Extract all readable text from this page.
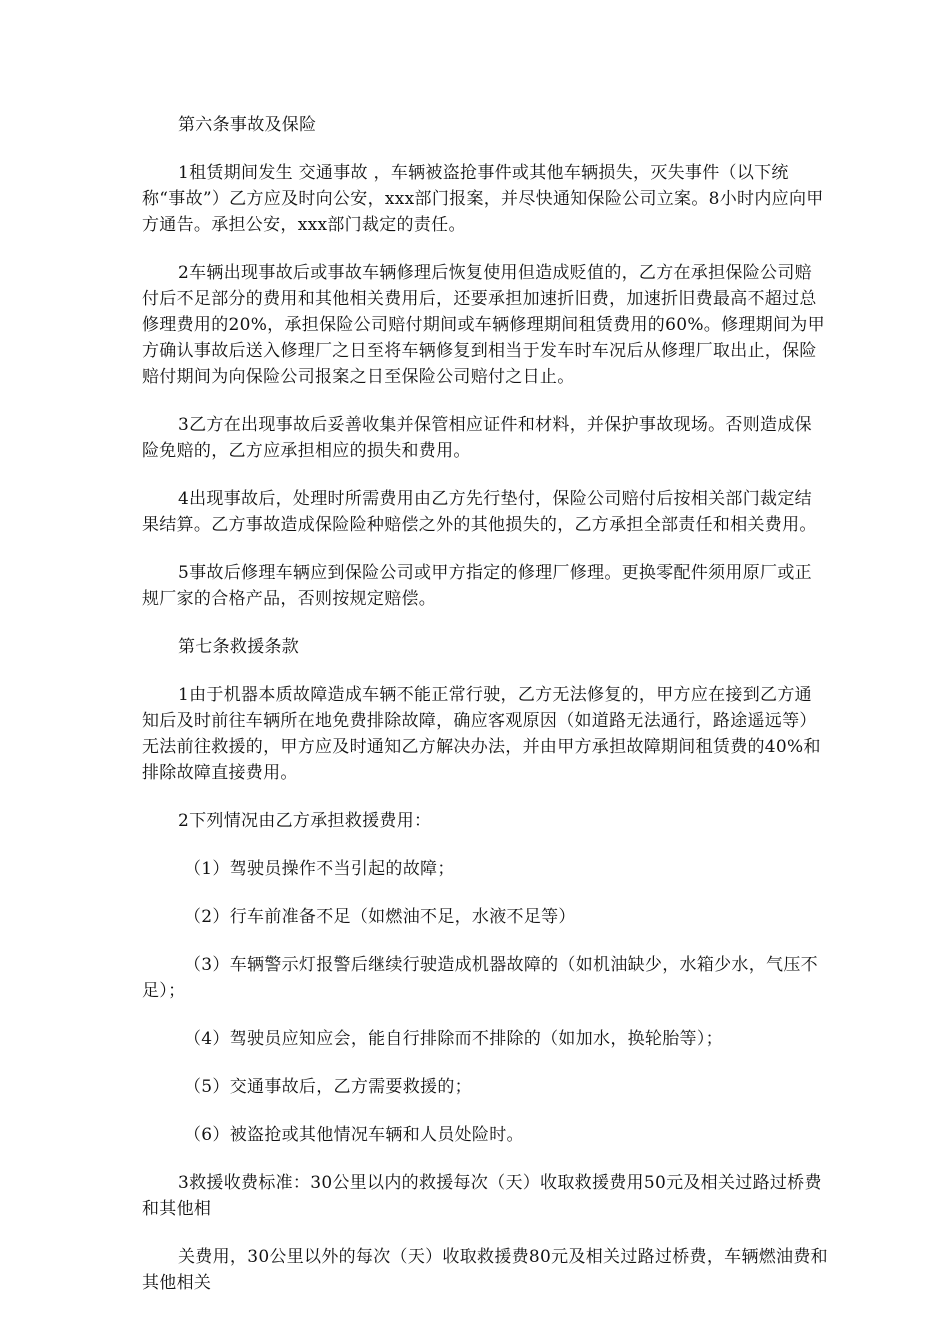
第六条事故及保险

1租赁期间发生 交通事故 ，车辆被盗抢事件或其他车辆损失，灭失事件（以下统称“事故”）乙方应及时向公安，xxx部门报案，并尽快通知保险公司立案。8小时内应向甲方通告。承担公安，xxx部门裁定的责任。

2车辆出现事故后或事故车辆修理后恢复使用但造成贬值的，乙方在承担保险公司赔付后不足部分的费用和其他相关费用后，还要承担加速折旧费，加速折旧费最高不超过总修理费用的20%，承担保险公司赔付期间或车辆修理期间租赁费用的60%。修理期间为甲方确认事故后送入修理厂之日至将车辆修复到相当于发车时车况后从修理厂取出止，保险赔付期间为向保险公司报案之日至保险公司赔付之日止。

3乙方在出现事故后妥善收集并保管相应证件和材料，并保护事故现场。否则造成保险免赔的，乙方应承担相应的损失和费用。

4出现事故后，处理时所需费用由乙方先行垫付，保险公司赔付后按相关部门裁定结果结算。乙方事故造成保险险种赔偿之外的其他损失的，乙方承担全部责任和相关费用。

5事故后修理车辆应到保险公司或甲方指定的修理厂修理。更换零配件须用原厂或正规厂家的合格产品，否则按规定赔偿。

第七条救援条款

1由于机器本质故障造成车辆不能正常行驶，乙方无法修复的，甲方应在接到乙方通知后及时前往车辆所在地免费排除故障，确应客观原因（如道路无法通行，路途遥远等）无法前往救援的，甲方应及时通知乙方解决办法，并由甲方承担故障期间租赁费的40%和排除故障直接费用。

2下列情况由乙方承担救援费用：

（1）驾驶员操作不当引起的故障；

（2）行车前准备不足（如燃油不足，水液不足等）

（3）车辆警示灯报警后继续行驶造成机器故障的（如机油缺少，水箱少水，气压不足）；

（4）驾驶员应知应会，能自行排除而不排除的（如加水，换轮胎等）；

（5）交通事故后，乙方需要救援的；

（6）被盗抢或其他情况车辆和人员处险时。

3救援收费标准：30公里以内的救援每次（天）收取救援费用50元及相关过路过桥费和其他相

关费用，30公里以外的每次（天）收取救援费80元及相关过路过桥费，车辆燃油费和其他相关
